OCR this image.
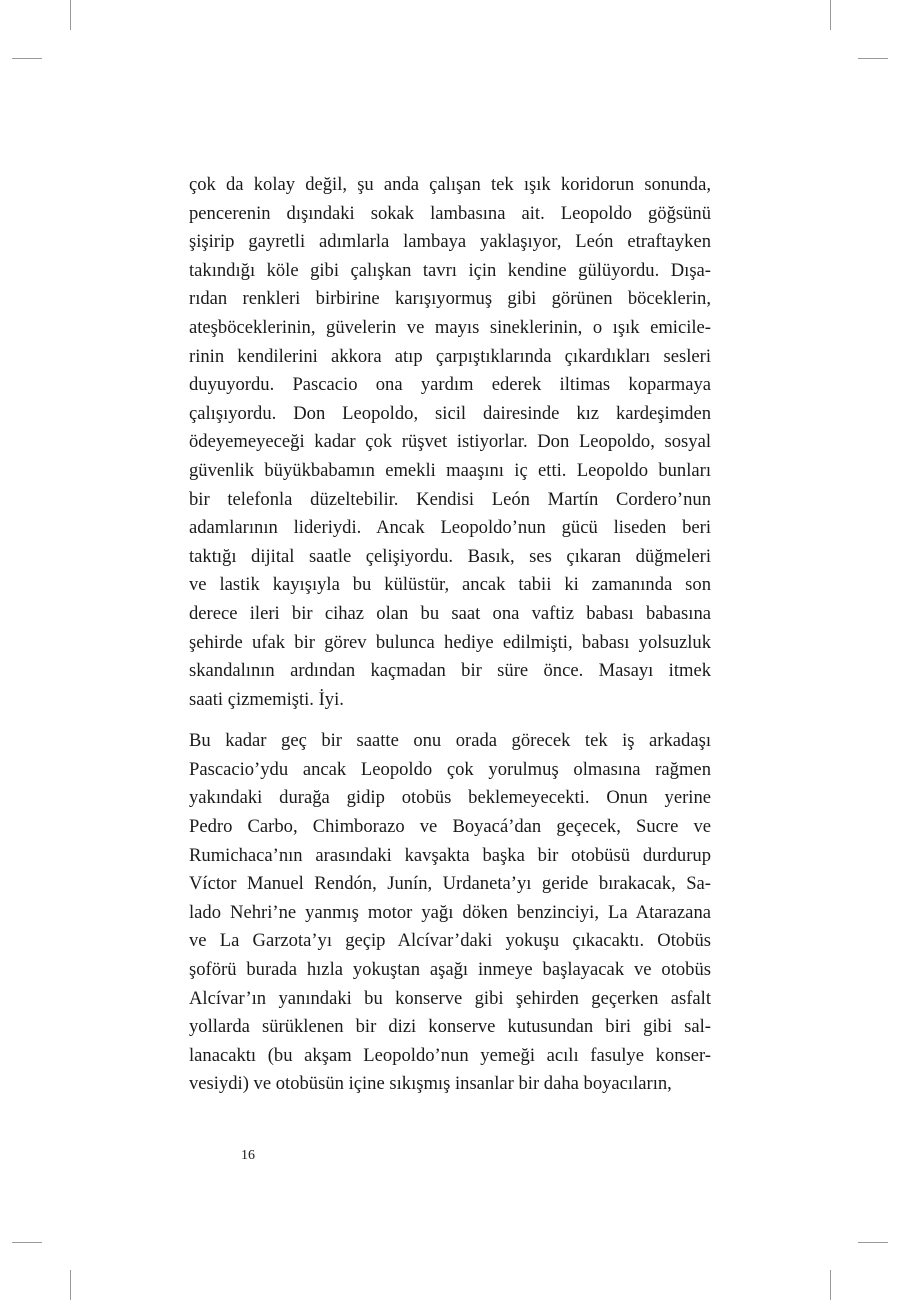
çok da kolay değil, şu anda çalışan tek ışık koridorun sonunda,
pencerenin dışındaki sokak lambasına ait. Leopoldo göğsünü
şişirip gayretli adımlarla lambaya yaklaşıyor, León etraftayken
takındığı köle gibi çalışkan tavrı için kendine gülüyordu. Dışa-
rıdan renkleri birbirine karışıyormuş gibi görünen böceklerin,
ateşböceklerinin, güvelerin ve mayıs sineklerinin, o ışık emicile-
rinin kendilerini akkora atıp çarpıştıklarında çıkardıkları sesleri
duyuyordu. Pascacio ona yardım ederek iltimas koparmaya
çalışıyordu. Don Leopoldo, sicil dairesinde kız kardeşimden
ödeyemeyeceği kadar çok rüşvet istiyorlar. Don Leopoldo, sosyal
güvenlik büyükbabamın emekli maaşını iç etti. Leopoldo bunları
bir telefonla düzeltebilir. Kendisi León Martín Cordero’nun
adamlarının lideriydi. Ancak Leopoldo’nun gücü liseden beri
taktığı dijital saatle çelişiyordu. Basık, ses çıkaran düğmeleri
ve lastik kayışıyla bu külüstür, ancak tabii ki zamanında son
derece ileri bir cihaz olan bu saat ona vaftiz babası babasına
şehirde ufak bir görev bulunca hediye edilmişti, babası yolsuzluk
skandalının ardından kaçmadan bir süre önce. Masayı itmek
saati çizmemişti. İyi.

Bu kadar geç bir saatte onu orada görecek tek iş arkadaşı
Pascacio’ydu ancak Leopoldo çok yorulmuş olmasına rağmen
yakındaki durağa gidip otobüs beklemeyecekti. Onun yerine
Pedro Carbo, Chimborazo ve Boyacá’dan geçecek, Sucre ve
Rumichaca’nın arasındaki kavşakta başka bir otobüsü durdurup
Víctor Manuel Rendón, Junín, Urdaneta’yı geride bırakacak, Sa-
lado Nehri’ne yanmış motor yağı döken benzinciyi, La Atarazana
ve La Garzota’yı geçip Alcívar’daki yokuşu çıkacaktı. Otobüs
şoförü burada hızla yokuştan aşağı inmeye başlayacak ve otobüs
Alcívar’ın yanındaki bu konserve gibi şehirden geçerken asfalt
yollarda sürüklenen bir dizi konserve kutusundan biri gibi sal-
lanacaktı (bu akşam Leopoldo’nun yemeği acılı fasulye konser-
vesiydi) ve otobüsün içine sıkışmış insanlar bir daha boyacıların,

16
